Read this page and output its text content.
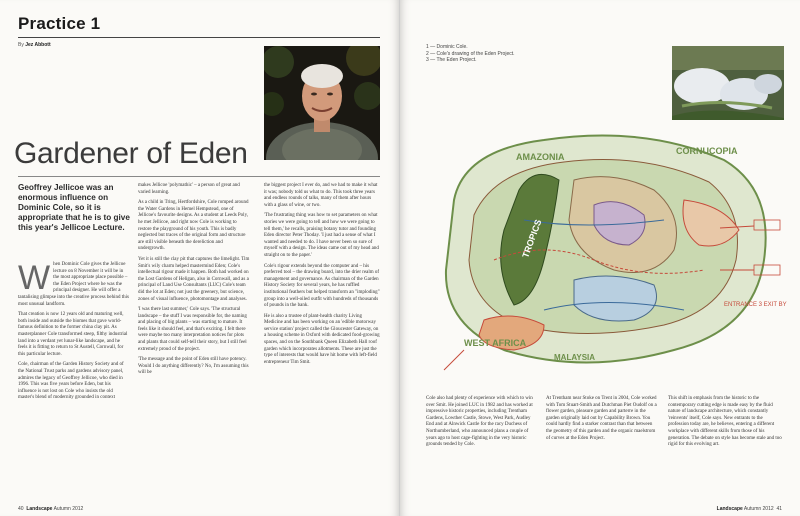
Practice 1
By Jez Abbott
Gardener of Eden
Geoffrey Jellicoe was an enormous influence on Dominic Cole, so it is appropriate that he is to give this year's Jellicoe Lecture.

When Dominic Cole gives the Jellicoe lecture on 8 November it will be in the most appropriate place possible – the Eden Project where he was the principal designer. He will offer a tantalising glimpse into the creative process behind this most unusual landform.

That creation is now 12 years old and maturing well, both inside and outside the biomes that gave world-famous definition to the former china clay pit. As masterplanner Cole transformed steep, filthy industrial land into a verdant yet lunar-like landscape, and he feels it is fitting to return to St Austell, Cornwall, for this particular lecture.

Cole, chairman of the Garden History Society and of the National Trust parks and gardens advisory panel, admires the legacy of Geoffrey Jellicoe, who died in 1996. This was five years before Eden, but his influence is not lost on Cole who insists the old master's blend of modernity grounded in context

makes Jellicoe 'polymathic' – a person of great and varied learning.

As a child in Tring, Hertfordshire, Cole romped around the Water Gardens in Hemel Hempstead, one of Jellicoe's favourite designs. As a student at Leeds Poly, he met Jellicoe, and right now Cole is working to restore the playground of his youth. This is badly neglected but traces of the original form and structure are still visible beneath the dereliction and undergrowth.

Yet it is still the clay pit that captures the limelight. Tim Smit's wily charm helped mastermind Eden; Cole's intellectual rigour made it happen. Both had worked on the Lost Gardens of Heligan, also in Cornwall, and as a principal of Land Use Consultants (LUC) Cole's team did the lot at Eden; not just the greenery, but science, zones of visual influence, photomontage and analyses.

'I was there last summer,' Cole says. 'The structural landscape – the stuff I was responsible for, the naming and placing of big plants – was starting to mature. It feels like it should feel, and that's exciting. I felt there were maybe too many interpretation notices for plots and plants that could self-tell their story, but I still feel extremely proud of the project.

'The message and the point of Eden still have potency. Would I do anything differently? No, I'm assuming this will be

the biggest project I ever do, and we had to make it what it was; nobody told us what to do. This took three years and endless rounds of talks, many of them after hours with a glass of wine, or two.

'The frustrating thing was how to set parameters on what stories we were going to tell and how we were going to tell them,' he recalls, praising botany tutor and founding Eden director Peter Thoday. 'I just had a sense of what I wanted and needed to do. I have never been so sure of myself with a design. The ideas came out of my head and straight on to the paper.'

Cole's rigour extends beyond the computer and – his preferred tool – the drawing board, into the drier realm of management and governance. As chairman of the Garden History Society for several years, he has ruffled institutional feathers but helped transform an "imploding" group into a well-oiled outfit with hundreds of thousands of pounds in the bank.

He is also a trustee of plant-health charity Living Medicine and has been working on an 'edible motorway service station' project called the Gloucester Gateway, on a housing scheme in Oxford with dedicated food-growing spaces, and on the Southbank Queen Elizabeth Hall roof garden which incorporates allotments. These are just the type of interests that would have hit home with left-field entrepreneur Tim Smit.

40 Landscape Autumn 2012
1 — Dominic Cole.
2 — Cole's drawing of the Eden Project.
3 — The Eden Project.
AMAZONIA
CORNUCOPIA
WEST AFRICA
MALAYSIA
TROPICS
ENTRANCE 3 EXIT BY

Cole also had plenty of experience with which to win over Smit. He joined LUC in 1982 and has worked at impressive historic properties, including Trentham Gardens, Lowther Castle, Stowe, West Park, Audley End and at Alnwick Castle for the racy Duchess of Northumberland, who announced plans a couple of years ago to host cage-fighting in the very historic grounds tended by Cole.

At Trentham near Stoke on Trent in 2004, Cole worked with Tom Stuart-Smith and Dutchman Piet Oudolf on a flower garden, pleasure garden and parterre in the garden originally laid out by Capability Brown. You could hardly find a starker contrast than that between the geometry of this garden and the organic maelstrom of curves at the Eden Project.

This shift in emphasis from the historic to the contemporary cutting edge is made easy by the fluid nature of landscape architecture, which constantly 'reinvents' itself, Cole says. New entrants to the profession today are, he believes, entering a different workplace with different skills from those of his generation. The debate on style has become stale and too rigid for this evolving art.

Landscape Autumn 2012 41
